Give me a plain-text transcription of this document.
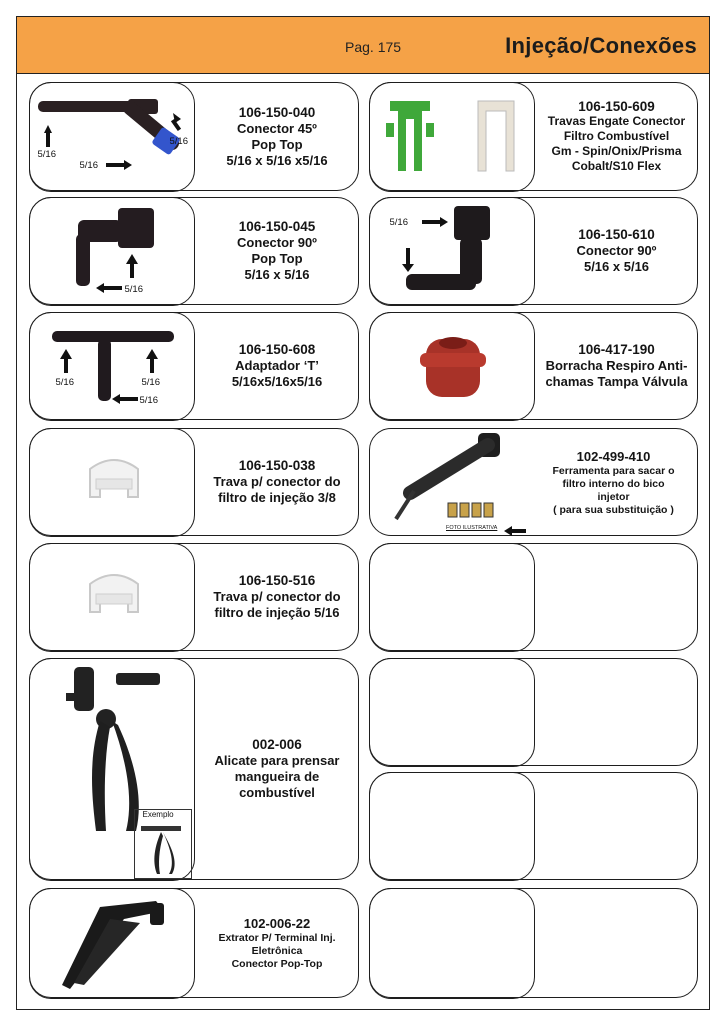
Pag. 175	Injeção/Conexões
5/16
5/16
5/16
106-150-040
Conector 45º
Pop Top
5/16 x 5/16 x5/16
106-150-609
Travas Engate Conector
Filtro Combustível
Gm - Spin/Onix/Prisma
Cobalt/S10 Flex
5/16
106-150-045
Conector 90º
Pop Top
5/16 x 5/16
5/16
106-150-610
Conector 90º
5/16 x 5/16
5/16	5/16
5/16
106-150-608
Adaptador ‘T’
5/16x5/16x5/16
106-417-190
Borracha Respiro Anti-
chamas Tampa Válvula
106-150-038
Trava p/ conector do
filtro de injeção 3/8
FOTO ILUSTRATIVA
102-499-410
Ferramenta para sacar o
filtro interno do bico
injetor
( para sua substituição )
106-150-516
Trava p/ conector do
filtro de injeção 5/16
Exemplo
002-006
Alicate para prensar
mangueira de
combustível
102-006-22
Extrator P/ Terminal Inj.
Eletrônica
Conector Pop-Top
